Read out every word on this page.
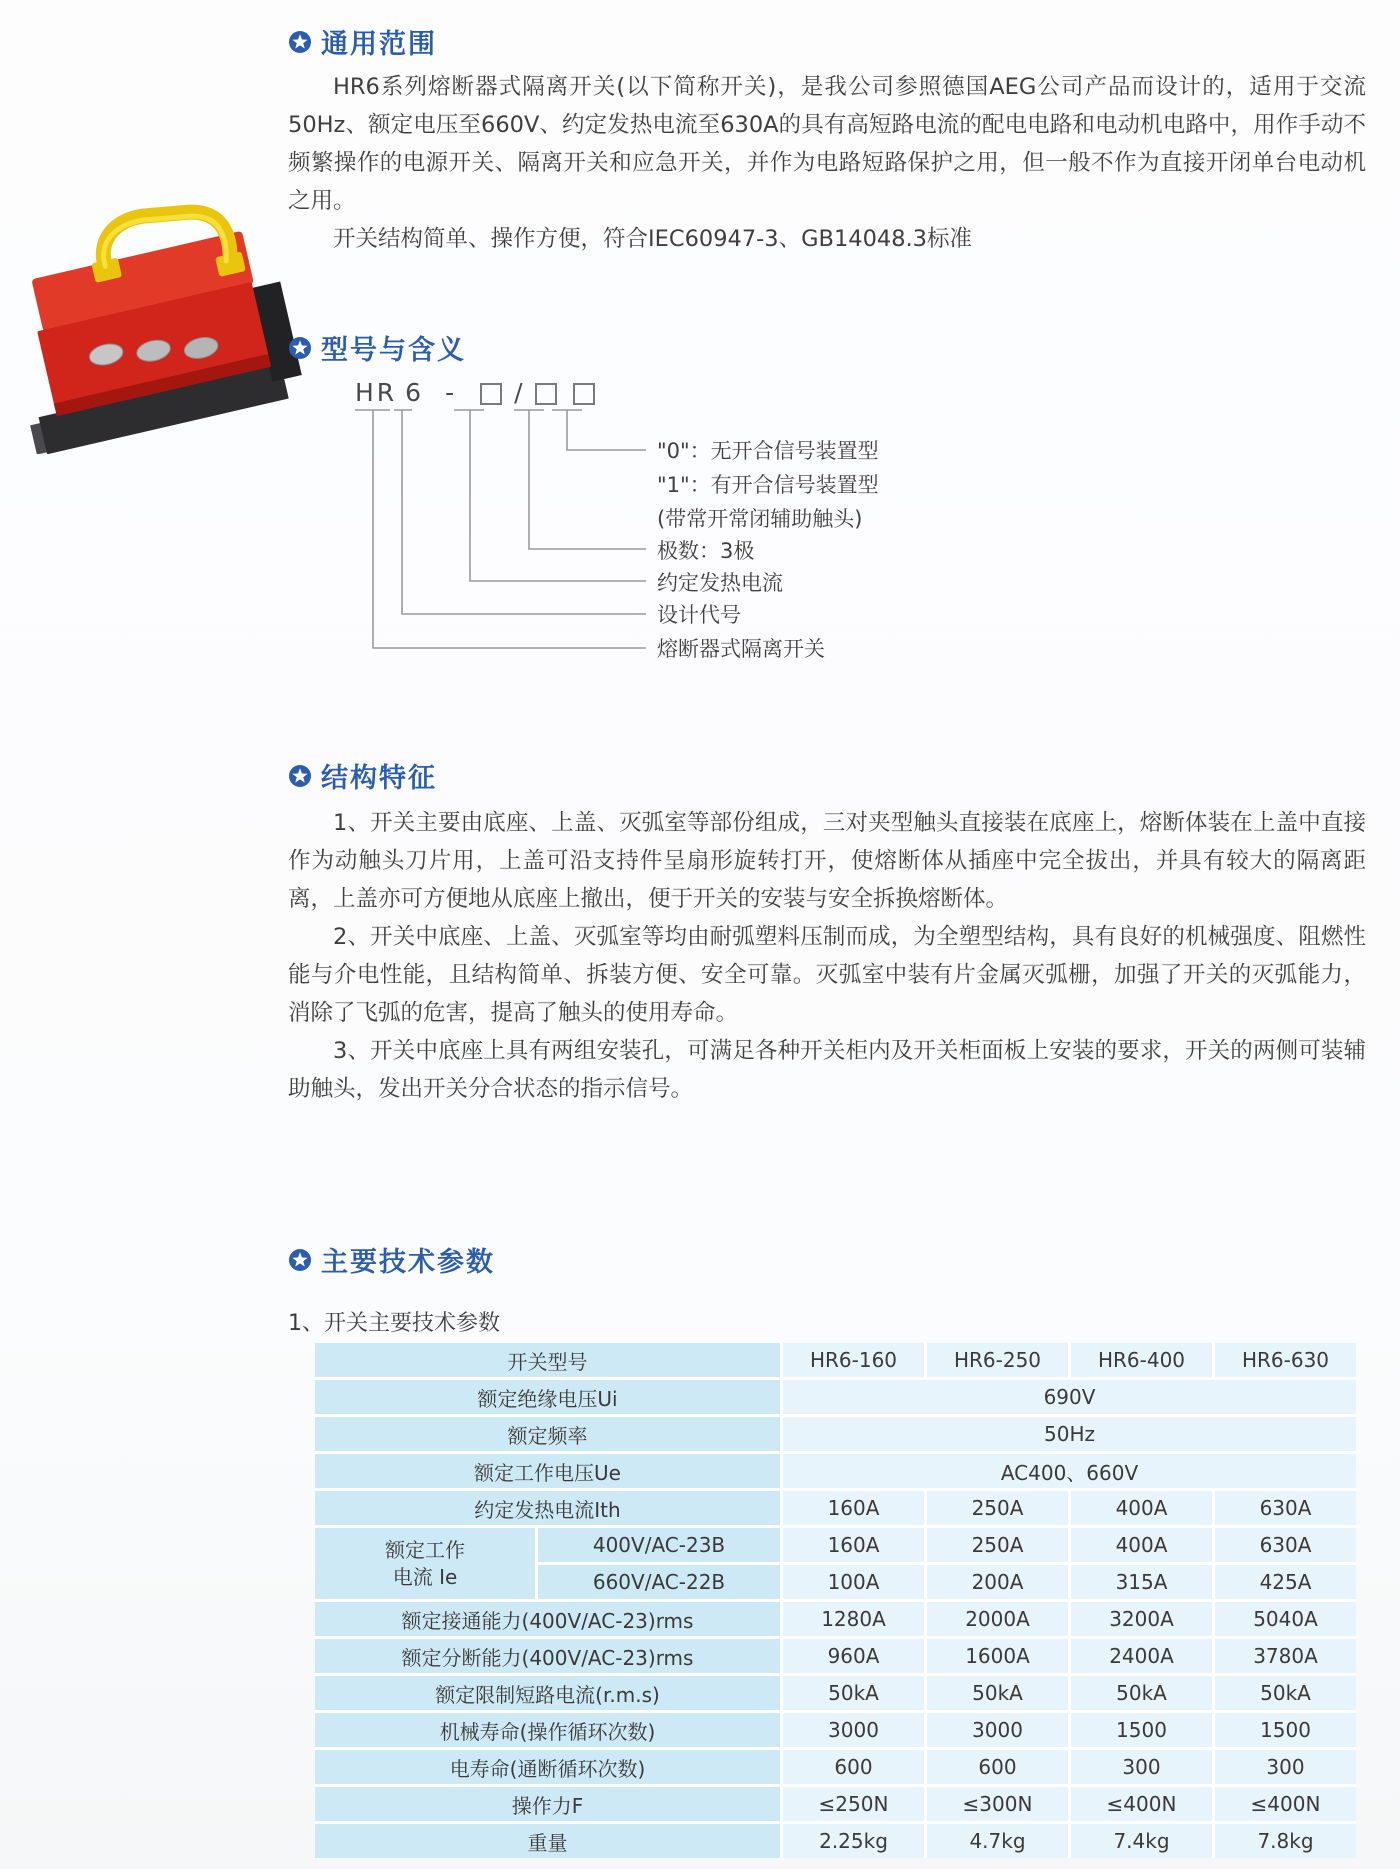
通用范围

HR6系列熔断器式隔离开关(以下简称开关)，是我公司参照德国AEG公司产品而设计的，适用于交流50Hz、额定电压至660V、约定发热电流至630A的具有高短路电流的配电电路和电动机电路中，用作手动不频繁操作的电源开关、隔离开关和应急开关，并作为电路短路保护之用，但一般不作为直接开闭单台电动机之用。

开关结构简单、操作方便，符合IEC60947-3、GB14048.3标准

型号与含义
HR 6 - /
"0"：无开合信号装置型
"1"：有开合信号装置型
(带常开常闭辅助触头)
极数：3极
约定发热电流
设计代号
熔断器式隔离开关
结构特征

1、开关主要由底座、上盖、灭弧室等部份组成，三对夹型触头直接装在底座上，熔断体装在上盖中直接作为动触头刀片用，上盖可沿支持件呈扇形旋转打开，使熔断体从插座中完全拔出，并具有较大的隔离距离，上盖亦可方便地从底座上撤出，便于开关的安装与安全拆换熔断体。

2、开关中底座、上盖、灭弧室等均由耐弧塑料压制而成，为全塑型结构，具有良好的机械强度、阻燃性能与介电性能，且结构简单、拆装方便、安全可靠。灭弧室中装有片金属灭弧栅，加强了开关的灭弧能力，消除了飞弧的危害，提高了触头的使用寿命。

3、开关中底座上具有两组安装孔，可满足各种开关柜内及开关柜面板上安装的要求，开关的两侧可装辅助触头，发出开关分合状态的指示信号。

主要技术参数
1、开关主要技术参数
开关型号	HR6-160	HR6-250	HR6-400	HR6-630
额定绝缘电压Ui	690V
额定频率	50Hz
额定工作电压Ue	AC400、660V
约定发热电流Ith	160A	250A	400A	630A
额定工作
电流 Ie
400V/AC-23B	160A	250A	400A	630A
660V/AC-22B	100A	200A	315A	425A
额定接通能力(400V/AC-23)rms	1280A	2000A	3200A	5040A
额定分断能力(400V/AC-23)rms	960A	1600A	2400A	3780A
额定限制短路电流(r.m.s)	50kA	50kA	50kA	50kA
机械寿命(操作循环次数)	3000	3000	1500	1500
电寿命(通断循环次数)	600	600	300	300
操作力F	≤250N	≤300N	≤400N	≤400N
重量	2.25kg	4.7kg	7.4kg	7.8kg
